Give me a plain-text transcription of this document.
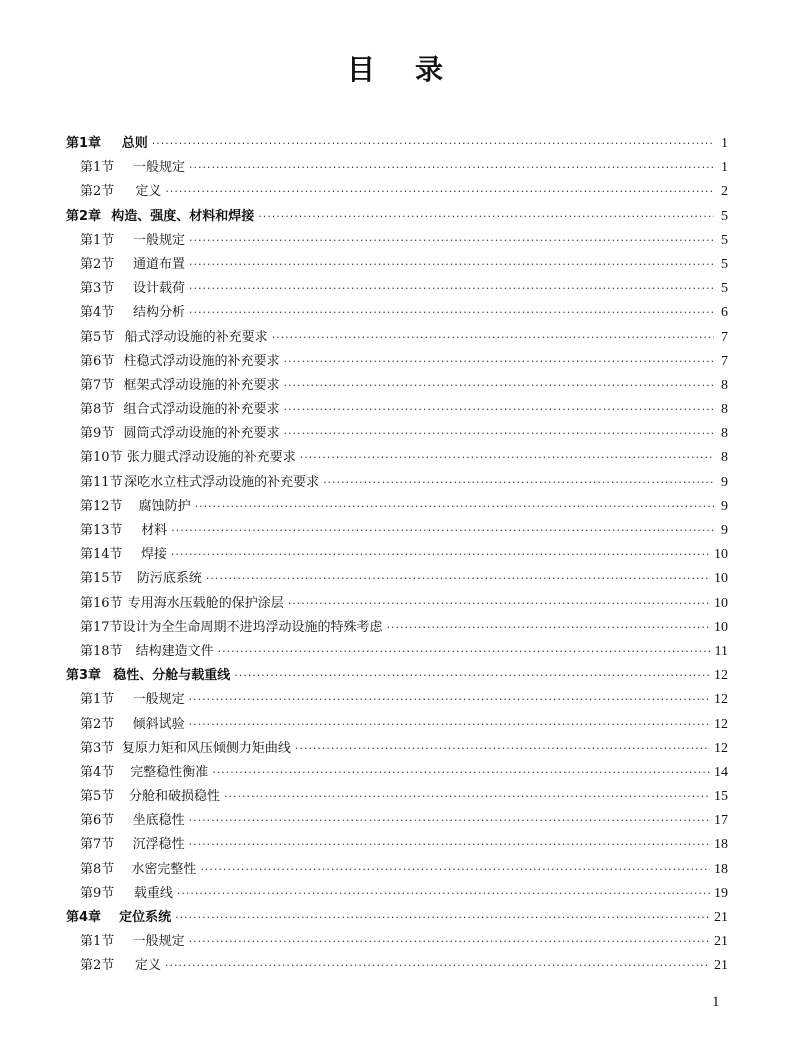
目录
第1章	总则 ·····	1
第1节	一般规定 ·····	1
第2节	定义 ·····	2
第2章 构造、强度、材料和焊接 ·····	5
第1节	一般规定 ·····	5
第2节	通道布置 ·····	5
第3节	设计载荷 ·····	5
第4节	结构分析 ·····	6
第5节 船式浮动设施的补充要求 ·····	7
第6节 柱稳式浮动设施的补充要求 ·····	7
第7节 框架式浮动设施的补充要求 ·····	8
第8节 组合式浮动设施的补充要求 ·····	8
第9节 圆筒式浮动设施的补充要求 ·····	8
第10节 张力腿式浮动设施的补充要求 ·····	8
第11节 深吃水立柱式浮动设施的补充要求 ·····	9
第12节	腐蚀防护 ·····	9
第13节	材料 ·····	9
第14节	焊接 ·····	10
第15节	防污底系统 ·····	10
第16节 专用海水压载舱的保护涂层 ·····	10
第17节 设计为全生命周期不进坞浮动设施的特殊考虑 ·····	10
第18节	结构建造文件 ·····	11
第3章 稳性、分舱与载重线 ·····	12
第1节	一般规定 ·····	12
第2节	倾斜试验 ·····	12
第3节 复原力矩和风压倾侧力矩曲线 ·····	12
第4节	完整稳性衡准 ·····	14
第5节	分舱和破损稳性 ·····	15
第6节	坐底稳性 ·····	17
第7节	沉浮稳性 ·····	18
第8节	水密完整性 ·····	18
第9节	载重线 ·····	19
第4章	定位系统 ·····	21
第1节	一般规定 ·····	21
第2节	定义 ·····	21
1
